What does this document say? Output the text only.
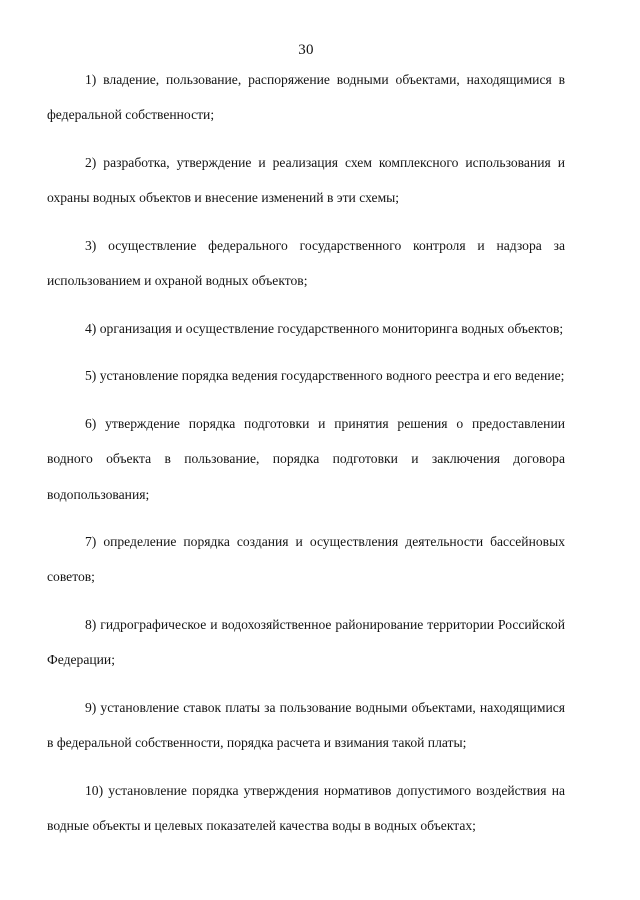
30

1) владение, пользование, распоряжение водными объектами, находящимися в федеральной собственности;

2) разработка, утверждение и реализация схем комплексного использования и охраны водных объектов и внесение изменений в эти схемы;

3) осуществление федерального государственного контроля и надзора за использованием и охраной водных объектов;

4) организация и осуществление государственного мониторинга водных объектов;

5) установление порядка ведения государственного водного реестра и его ведение;

6) утверждение порядка подготовки и принятия решения о предоставлении водного объекта в пользование, порядка подготовки и заключения договора водопользования;

7) определение порядка создания и осуществления деятельности бассейновых советов;

8) гидрографическое и водохозяйственное районирование территории Российской Федерации;

9) установление ставок платы за пользование водными объектами, находящимися в федеральной собственности, порядка расчета и взимания такой платы;

10) установление порядка утверждения нормативов допустимого воздействия на водные объекты и целевых показателей качества воды в водных объектах;
